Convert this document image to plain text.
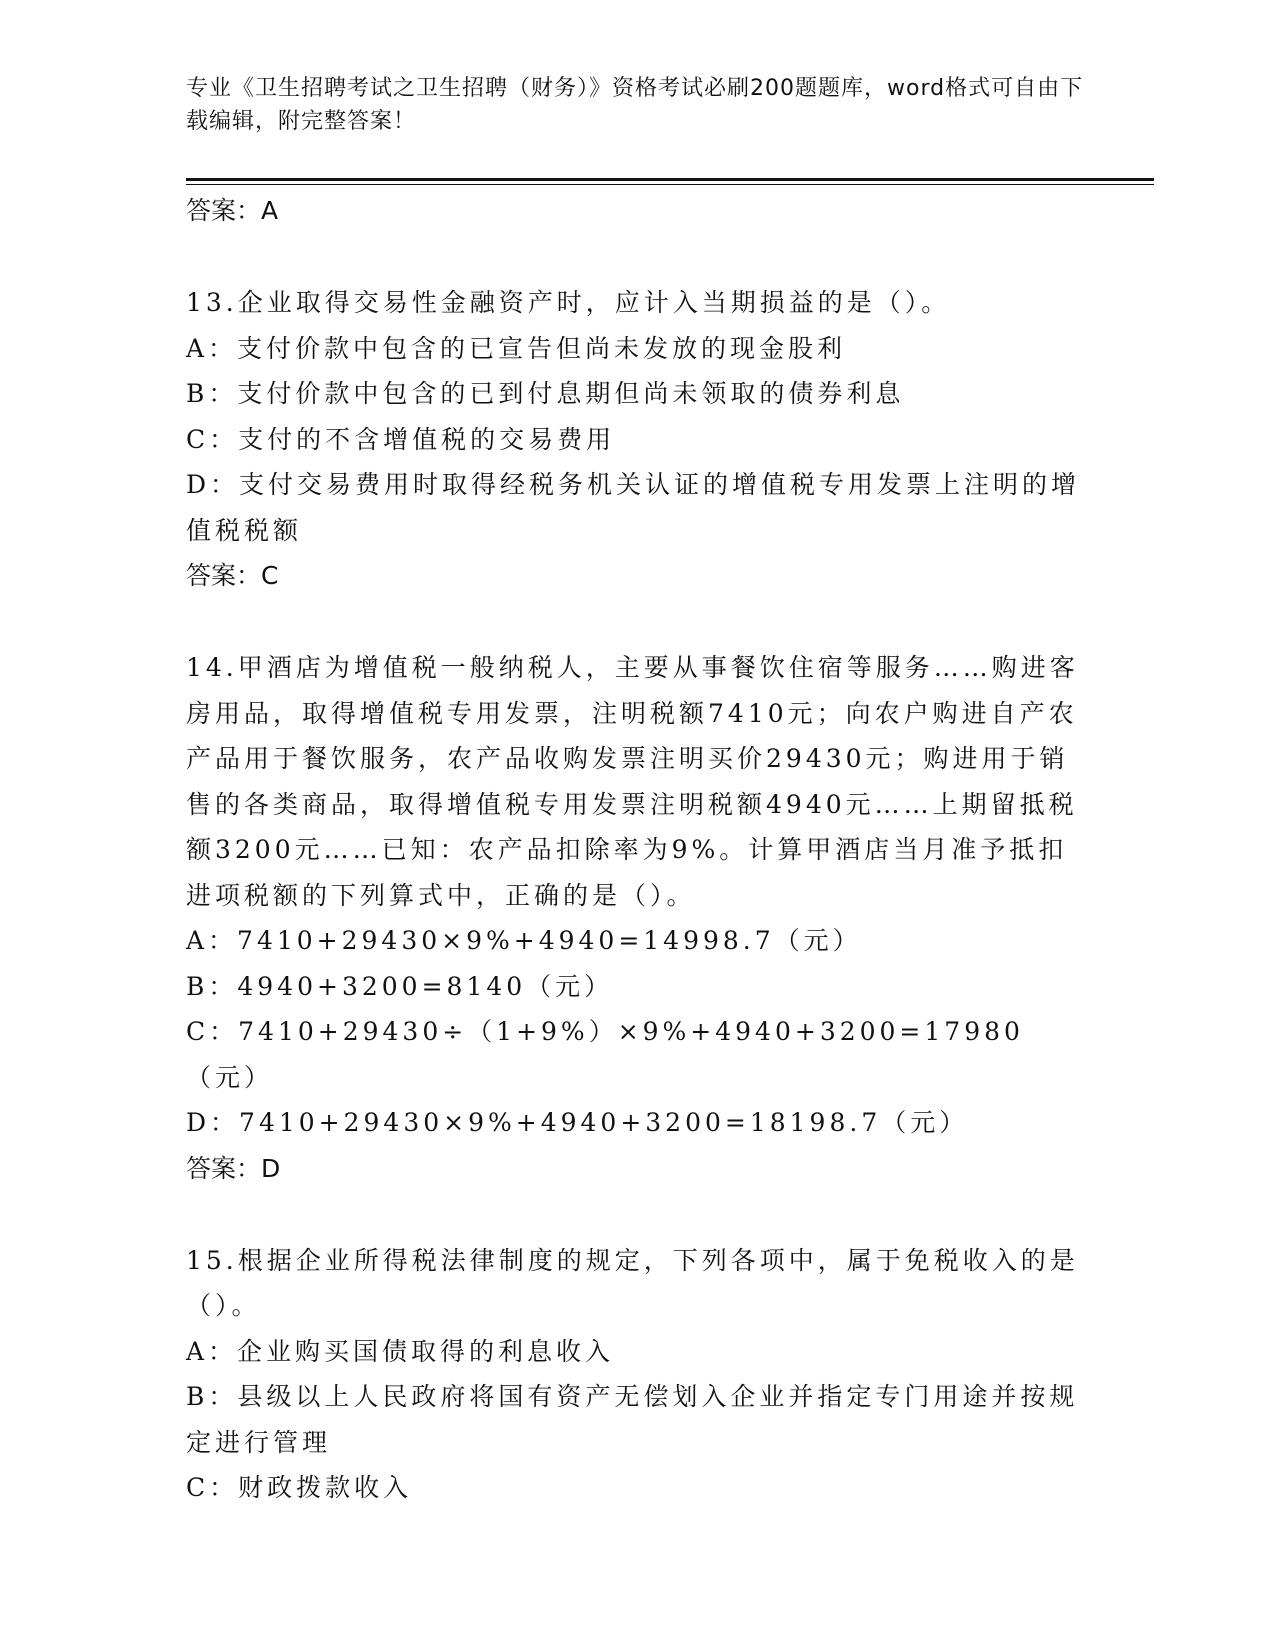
专业《卫生招聘考试之卫生招聘（财务）》资格考试必刷200题题库，word格式可自由下载编辑，附完整答案！

答案：A

13.企业取得交易性金融资产时，应计入当期损益的是（）。

A：支付价款中包含的已宣告但尚未发放的现金股利

B：支付价款中包含的已到付息期但尚未领取的债券利息

C：支付的不含增值税的交易费用

D：支付交易费用时取得经税务机关认证的增值税专用发票上注明的增值税税额

答案：C

14.甲酒店为增值税一般纳税人，主要从事餐饮住宿等服务……购进客房用品，取得增值税专用发票，注明税额7410元；向农户购进自产农产品用于餐饮服务，农产品收购发票注明买价29430元；购进用于销售的各类商品，取得增值税专用发票注明税额4940元……上期留抵税额3200元……已知：农产品扣除率为9%。计算甲酒店当月准予抵扣进项税额的下列算式中，正确的是（）。

A：7410+29430×9%+4940=14998.7（元）

B：4940+3200=8140（元）

C：7410+29430÷（1+9%）×9%+4940+3200=17980（元）

D：7410+29430×9%+4940+3200=18198.7（元）

答案：D

15.根据企业所得税法律制度的规定，下列各项中，属于免税收入的是（）。

A：企业购买国债取得的利息收入

B：县级以上人民政府将国有资产无偿划入企业并指定专门用途并按规定进行管理

C：财政拨款收入
